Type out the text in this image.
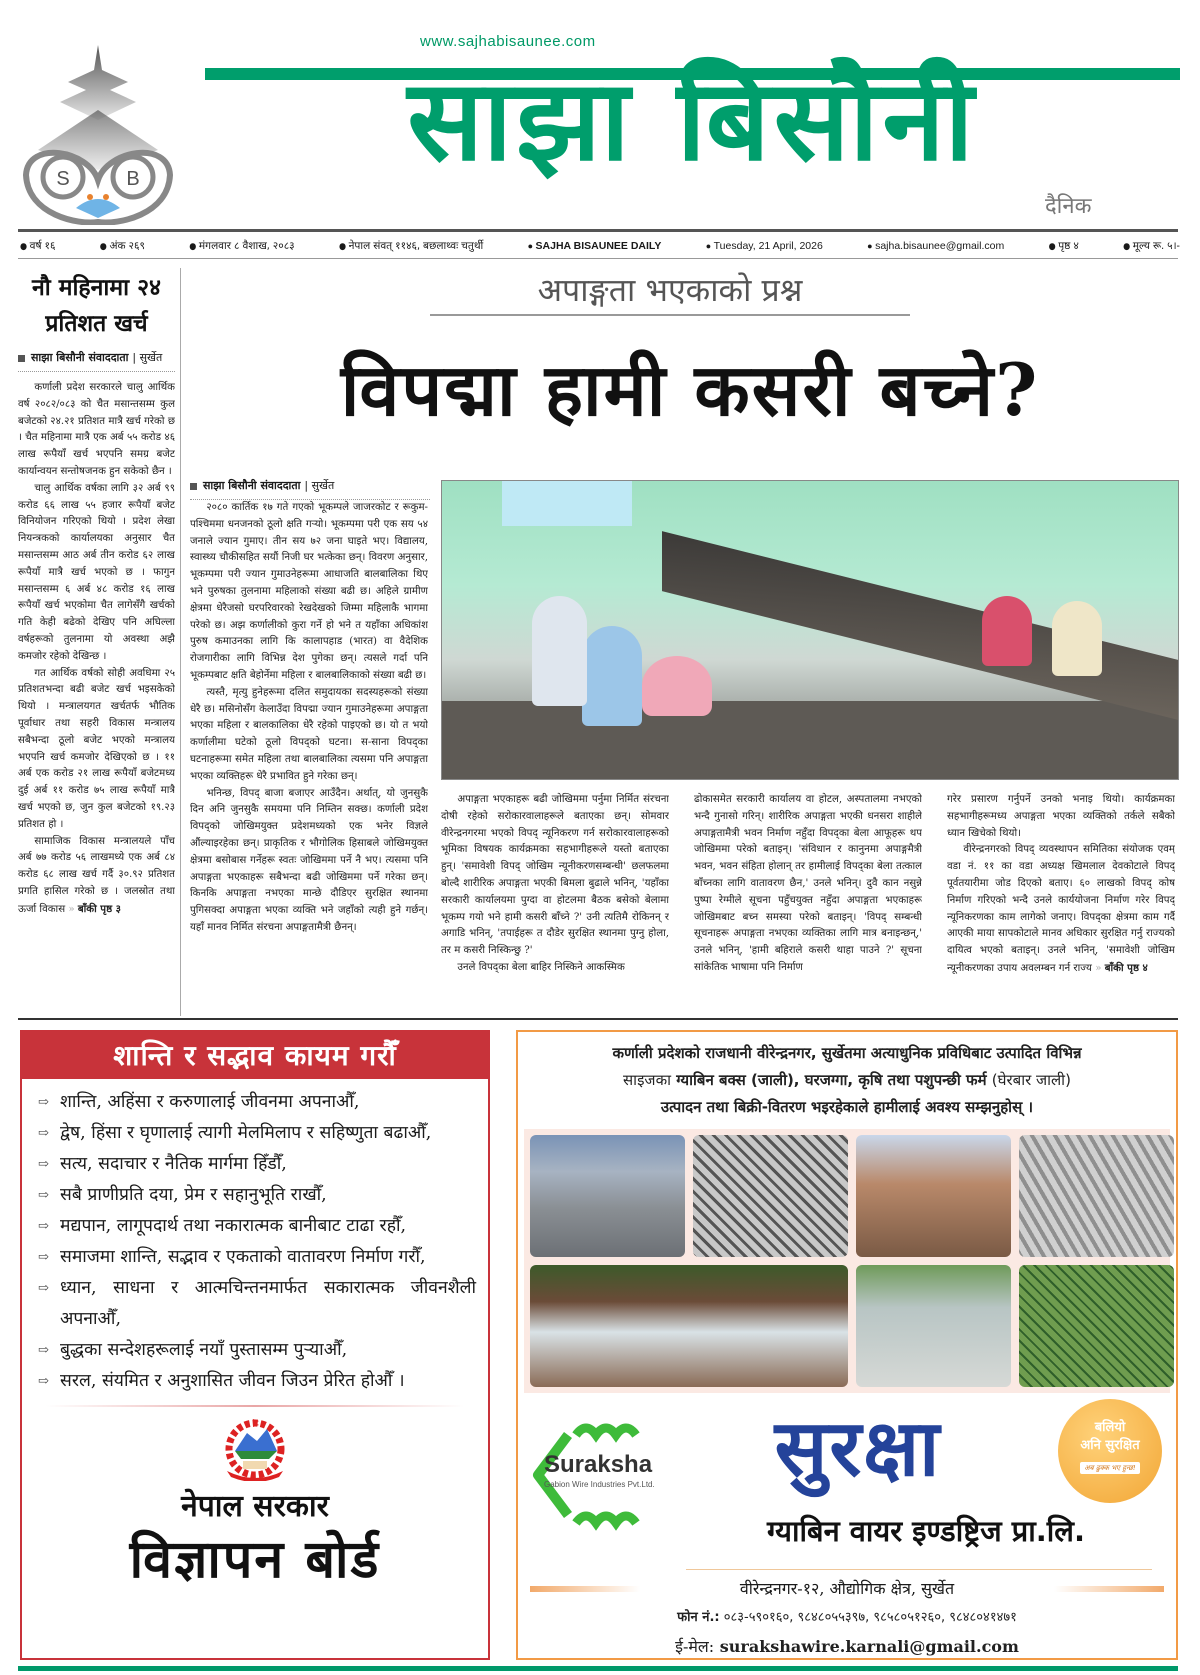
S	B
www.sajhabisaunee.com
साझा बिसौनी
दैनिक
● वर्ष १६	● अंक २६९	● मंगलवार ८ वैशाख, २०८३	● नेपाल संवत् ११४६, बछलाथ्वः चतुर्थी	● SAJHA BISAUNEE DAILY	● Tuesday, 21 April, 2026	● sajha.bisaunee@gmail.com	● पृष्ठ ४	● मूल्य रू. ५।-
नौ महिनामा २४ प्रतिशत खर्च
साझा बिसौनी संवाददाता | सुर्खेत

कर्णाली प्रदेश सरकारले चालु आर्थिक वर्ष २०८२/०८३ को चैत मसान्तसम्म कुल बजेटको २४.२१ प्रतिशत मात्रै खर्च गरेको छ । चैत महिनामा मात्रै एक अर्ब ५५ करोड ४६ लाख रूपैयाँ खर्च भएपनि समग्र बजेट कार्यान्वयन सन्तोषजनक हुन सकेको छैन ।

चालु आर्थिक वर्षका लागि ३२ अर्ब ९९ करोड ६६ लाख ५५ हजार रूपैयाँ बजेट विनियोजन गरिएको थियो । प्रदेश लेखा नियन्त्रकको कार्यालयका अनुसार चैत मसान्तसम्म आठ अर्ब तीन करोड ६२ लाख रूपैयाँ मात्रै खर्च भएको छ । फागुन मसान्तसम्म ६ अर्ब ४८ करोड १६ लाख रूपैयाँ खर्च भएकोमा चैत लागेसँगै खर्चको गति केही बढेको देखिए पनि अघिल्ला वर्षहरूको तुलनामा यो अवस्था अझै कमजोर रहेको देखिन्छ ।

गत आर्थिक वर्षको सोही अवधिमा २५ प्रतिशतभन्दा बढी बजेट खर्च भइसकेको थियो । मन्त्रालयगत खर्चतर्फ भौतिक पूर्वाधार तथा सहरी विकास मन्त्रालय सबैभन्दा ठूलो बजेट भएको मन्त्रालय भएपनि खर्च कमजोर देखिएको छ । ११ अर्ब एक करोड २१ लाख रूपैयाँ बजेटमध्य दुई अर्ब ११ करोड ७५ लाख रूपैयाँ मात्रै खर्च भएको छ, जुन कुल बजेटको १९.२३ प्रतिशत हो ।

सामाजिक विकास मन्त्रालयले पाँच अर्ब ७७ करोड ५६ लाखमध्ये एक अर्ब ८४ करोड ६८ लाख खर्च गर्दै ३०.९२ प्रतिशत प्रगति हासिल गरेको छ । जलस्रोत तथा ऊर्जा विकास » बाँकी पृष्ठ ३

अपाङ्गता भएकाको प्रश्न
विपद्मा हामी कसरी बच्ने?
साझा बिसौनी संवाददाता | सुर्खेत

२०८० कार्तिक १७ गते गएको भूकम्पले जाजरकोट र रूकुम-पश्चिममा धनजनको ठूलो क्षति गऱ्यो। भूकम्पमा परी एक सय ५४ जनाले ज्यान गुमाए। तीन सय ७२ जना घाइते भए। विद्यालय, स्वास्थ्य चौकीसहित सयौं निजी घर भत्केका छन्। विवरण अनुसार, भूकम्पमा परी ज्यान गुमाउनेहरूमा आधाजति बालबालिका थिए भने पुरुषका तुलनामा महिलाको संख्या बढी छ। अहिले ग्रामीण क्षेत्रमा धेरैजसो घरपरिवारको रेखदेखको जिम्मा महिलाकै भागमा परेको छ। अझ कर्णालीको कुरा गर्ने हो भने त यहाँका अधिकांश पुरुष कमाउनका लागि कि कालापहाड (भारत) वा वैदेशिक रोजगारीका लागि विभिन्न देश पुगेका छन्। त्यसले गर्दा पनि भूकम्पबाट क्षति बेहोर्नेमा महिला र बालबालिकाको संख्या बढी छ।

त्यस्तै, मृत्यु हुनेहरूमा दलित समुदायका सदस्यहरूको संख्या धेरै छ। मसिनोसँग केलाउँदा विपद्मा ज्यान गुमाउनेहरूमा अपाङ्गता भएका महिला र बालकालिका धेरै रहेको पाइएको छ। यो त भयो कर्णालीमा घटेको ठूलो विपद्को घटना। स-साना विपद्का घटनाहरूमा समेत महिला तथा बालबालिका त्यसमा पनि अपाङ्गता भएका व्यक्तिहरू धेरै प्रभावित हुने गरेका छन्।

भनिन्छ, विपद् बाजा बजाएर आउँदैन। अर्थात्, यो जुनसुकै दिन अनि जुनसुकै समयमा पनि निम्तिन सक्छ। कर्णाली प्रदेश विपद्को जोखिमयुक्त प्रदेशमध्यको एक भनेर विज्ञले औंल्याइरहेका छन्। प्राकृतिक र भौगोलिक हिसाबले जोखिमयुक्त क्षेत्रमा बसोबास गर्नेहरू स्वतः जोखिममा पर्ने नै भए। त्यसमा पनि अपाङ्गता भएकाहरू सबैभन्दा बढी जोखिममा पर्ने गरेका छन्। किनकि अपाङ्गता नभएका मान्छे दौडिएर सुरक्षित स्थानमा पुगिसक्दा अपाङ्गता भएका व्यक्ति भने जहाँको त्यही हुने गर्छन्। यहाँ मानव निर्मित संरचना अपाङ्गतामैत्री छैनन्।

अपाङ्गता भएकाहरू बढी जोखिममा पर्नुमा निर्मित संरचना दोषी रहेको सरोकारवालाहरूले बताएका छन्। सोमवार वीरेन्द्रनगरमा भएको विपद् न्यूनिकरण गर्न सरोकारवालाहरूको भूमिका विषयक कार्यक्रमका सहभागीहरूले यस्तो बताएका हुन्। 'समावेशी विपद् जोखिम न्यूनीकरणसम्बन्धी' छलफलमा बोल्दै शारीरिक अपाङ्गता भएकी बिमला बुढाले भनिन्, 'यहाँका सरकारी कार्यालयमा पुग्दा वा होटलमा बैठक बसेको बेलामा भूकम्प गयो भने हामी कसरी बाँच्ने ?' उनी त्यतिमै रोकिनन् र अगाडि भनिन्, 'तपाईहरू त दौडेर सुरक्षित स्थानमा पुग्नु होला, तर म कसरी निस्किन्छु ?'

उनले विपद्का बेला बाहिर निस्किने आकस्मिक

ढोकासमेत सरकारी कार्यालय वा होटल, अस्पतालमा नभएको भन्दै गुनासो गरिन्। शारीरिक अपाङ्गता भएकी धनसरा शाहीले अपाङ्गतामैत्री भवन निर्माण नहुँदा विपद्का बेला आफूहरू थप जोखिममा परेको बताइन्। 'संविधान र कानुनमा अपाङ्गमैत्री भवन, भवन संहिता होलान् तर हामीलाई विपद्का बेला तत्काल बाँच्नका लागि वातावरण छैन,' उनले भनिन्। दुवै कान नसुन्ने पुष्पा रेग्मीले सूचना पहुँचयुक्त नहुँदा अपाङ्गता भएकाहरू जोखिमबाट बच्न समस्या परेको बताइन्। 'विपद् सम्बन्धी सूचनाहरू अपाङ्गता नभएका व्यक्तिका लागि मात्र बनाइन्छन्,' उनले भनिन्, 'हामी बहिराले कसरी थाहा पाउने ?' सूचना सांकेतिक भाषामा पनि निर्माण

गरेर प्रसारण गर्नुपर्ने उनको भनाइ थियो। कार्यक्रमका सहभागीहरूमध्य अपाङ्गता भएका व्यक्तिको तर्कले सबैको ध्यान खिचेको थियो।

वीरेन्द्रनगरको विपद् व्यवस्थापन समितिका संयोजक एवम् वडा नं. ११ का वडा अध्यक्ष खिमलाल देवकोटाले विपद् पूर्वतयारीमा जोड दिएको बताए। ६० लाखको विपद् कोष निर्माण गरिएको भन्दै उनले कार्ययोजना निर्माण गरेर विपद् न्यूनिकरणका काम लागेको जनाए। विपद्का क्षेत्रमा काम गर्दै आएकी माया सापकोटाले मानव अधिकार सुरक्षित गर्नु राज्यको दायित्व भएको बताइन्। उनले भनिन्, 'समावेशी जोखिम न्यूनीकरणका उपाय अवलम्बन गर्न राज्य » बाँकी पृष्ठ ४

शान्ति र सद्भाव कायम गरौँ
⇨ शान्ति, अहिंसा र करुणालाई जीवनमा अपनाऔँ,
⇨ द्वेष, हिंसा र घृणालाई त्यागी मेलमिलाप र सहिष्णुता बढाऔँ,
⇨ सत्य, सदाचार र नैतिक मार्गमा हिँडौँ,
⇨ सबै प्राणीप्रति दया, प्रेम र सहानुभूति राखौँ,
⇨ मद्यपान, लागूपदार्थ तथा नकारात्मक बानीबाट टाढा रहौँ,
⇨ समाजमा शान्ति, सद्भाव र एकताको वातावरण निर्माण गरौँ,
⇨ ध्यान, साधना र आत्मचिन्तनमार्फत सकारात्मक जीवनशैली अपनाऔँ,
⇨ बुद्धका सन्देशहरूलाई नयाँ पुस्तासम्म पुऱ्याऔँ,
⇨ सरल, संयमित र अनुशासित जीवन जिउन प्रेरित होऔँ ।
नेपाल सरकार
विज्ञापन बोर्ड
कर्णाली प्रदेशको राजधानी वीरेन्द्रनगर, सुर्खेतमा अत्याधुनिक प्रविधिबाट उत्पादित विभिन्न
साइजका ग्याबिन बक्स (जाली), घरजग्गा, कृषि तथा पशुपन्छी फर्म (घेरबार जाली)
उत्पादन तथा बिक्री-वितरण भइरहेकाले हामीलाई अवश्य सम्झनुहोस् ।
Suraksha
Gabion Wire Industries Pvt.Ltd.	सुरक्षा
ग्याबिन वायर इण्डष्ट्रिज प्रा.लि.
बलियो
अनि सुरक्षित
अब ढुक्क भए हुन्छ!
वीरेन्द्रनगर-१२, औद्योगिक क्षेत्र, सुर्खेत
फोन नं.: ०८३-५९०१६०, ९८४८०५५३९७, ९८५८०५१२६०, ९८४८०४१४७१
ई-मेल: surakshawire.karnali@gmail.com
